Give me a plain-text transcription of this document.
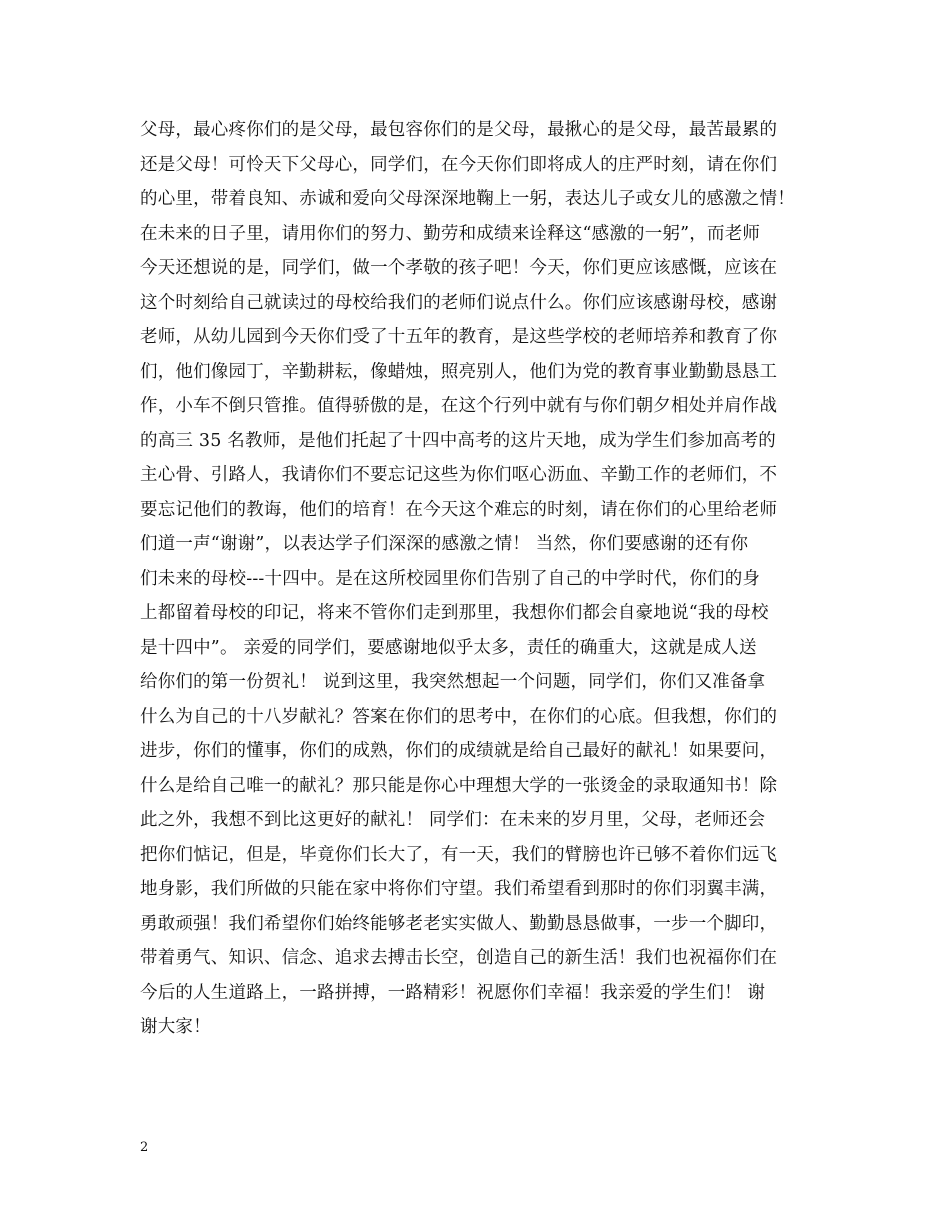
父母，最心疼你们的是父母，最包容你们的是父母，最揪心的是父母，最苦最累的
还是父母！可怜天下父母心，同学们，在今天你们即将成人的庄严时刻，请在你们
的心里，带着良知、赤诚和爱向父母深深地鞠上一躬，表达儿子或女儿的感激之情！
在未来的日子里，请用你们的努力、勤劳和成绩来诠释这“感激的一躬”，而老师
今天还想说的是，同学们，做一个孝敬的孩子吧！今天，你们更应该感慨，应该在
这个时刻给自己就读过的母校给我们的老师们说点什么。你们应该感谢母校，感谢
老师，从幼儿园到今天你们受了十五年的教育，是这些学校的老师培养和教育了你
们，他们像园丁，辛勤耕耘，像蜡烛，照亮别人，他们为党的教育事业勤勤恳恳工
作，小车不倒只管推。值得骄傲的是，在这个行列中就有与你们朝夕相处并肩作战
的高三 35 名教师，是他们托起了十四中高考的这片天地，成为学生们参加高考的
主心骨、引路人，我请你们不要忘记这些为你们呕心沥血、辛勤工作的老师们，不
要忘记他们的教诲，他们的培育！在今天这个难忘的时刻，请在你们的心里给老师
们道一声“谢谢”，以表达学子们深深的感激之情！ 当然，你们要感谢的还有你
们未来的母校---十四中。是在这所校园里你们告别了自己的中学时代，你们的身
上都留着母校的印记，将来不管你们走到那里，我想你们都会自豪地说“我的母校
是十四中”。 亲爱的同学们，要感谢地似乎太多，责任的确重大，这就是成人送
给你们的第一份贺礼！ 说到这里，我突然想起一个问题，同学们，你们又准备拿
什么为自己的十八岁献礼？答案在你们的思考中，在你们的心底。但我想，你们的
进步，你们的懂事，你们的成熟，你们的成绩就是给自己最好的献礼！如果要问，
什么是给自己唯一的献礼？那只能是你心中理想大学的一张烫金的录取通知书！除
此之外，我想不到比这更好的献礼！ 同学们：在未来的岁月里，父母，老师还会
把你们惦记，但是，毕竟你们长大了，有一天，我们的臂膀也许已够不着你们远飞
地身影，我们所做的只能在家中将你们守望。我们希望看到那时的你们羽翼丰满，
勇敢顽强！我们希望你们始终能够老老实实做人、勤勤恳恳做事，一步一个脚印，
带着勇气、知识、信念、追求去搏击长空，创造自己的新生活！我们也祝福你们在
今后的人生道路上，一路拼搏，一路精彩！祝愿你们幸福！我亲爱的学生们！ 谢
谢大家！
2
